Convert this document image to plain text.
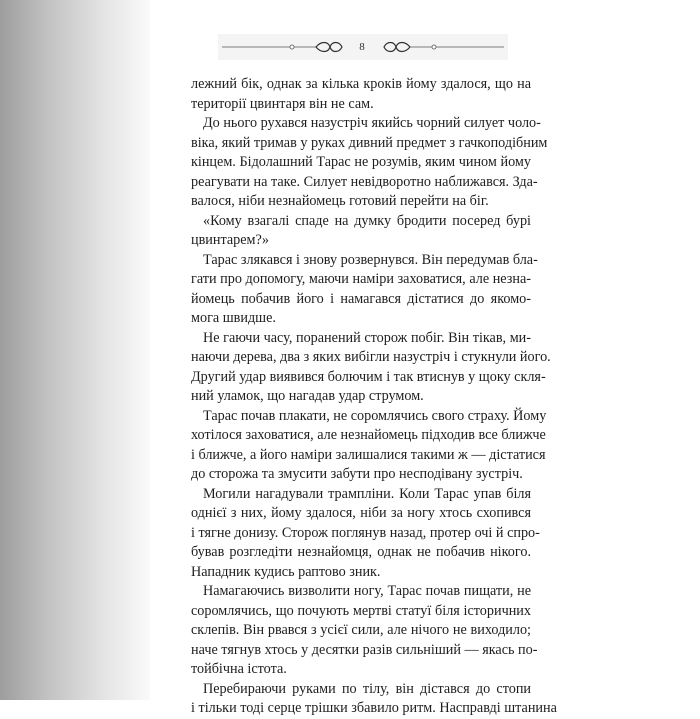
8
лежний бік, однак за кілька кроків йому здалося, що на
території цвинтаря він не сам.
До нього рухався назустріч якийсь чорний силует чоло-
віка, який тримав у руках дивний предмет з гачкоподібним
кінцем. Бідолашний Тарас не розумів, яким чином йому
реагувати на таке. Силует невідворотно наближався. Зда-
валося, ніби незнайомець готовий перейти на біг.
«Кому взагалі спаде на думку бродити посеред бурі
цвинтарем?»
Тарас злякався і знову розвернувся. Він передумав бла-
гати про допомогу, маючи наміри заховатися, але незна-
йомець побачив його і намагався дістатися до якомо-
мога швидше.
Не гаючи часу, поранений сторож побіг. Він тікав, ми-
наючи дерева, два з яких вибігли назустріч і стукнули його.
Другий удар виявився болючим і так втиснув у щоку скля-
ний уламок, що нагадав удар струмом.
Тарас почав плакати, не соромлячись свого страху. Йому
хотілося заховатися, але незнайомець підходив все ближче
і ближче, а його наміри залишалися такими ж — дістатися
до сторожа та змусити забути про несподівану зустріч.
Могили нагадували трампліни. Коли Тарас упав біля
однієї з них, йому здалося, ніби за ногу хтось схопився
і тягне донизу. Сторож поглянув назад, протер очі й спро-
бував розгледіти незнайомця, однак не побачив нікого.
Нападник кудись раптово зник.
Намагаючись визволити ногу, Тарас почав пищати, не
соромлячись, що почують мертві статуї біля історичних
склепів. Він рвався з усієї сили, але нічого не виходило;
наче тягнув хтось у десятки разів сильніший — якась по-
тойбічна істота.
Перебираючи руками по тілу, він дістався до стопи
і тільки тоді серце трішки збавило ритм. Насправді штанина
